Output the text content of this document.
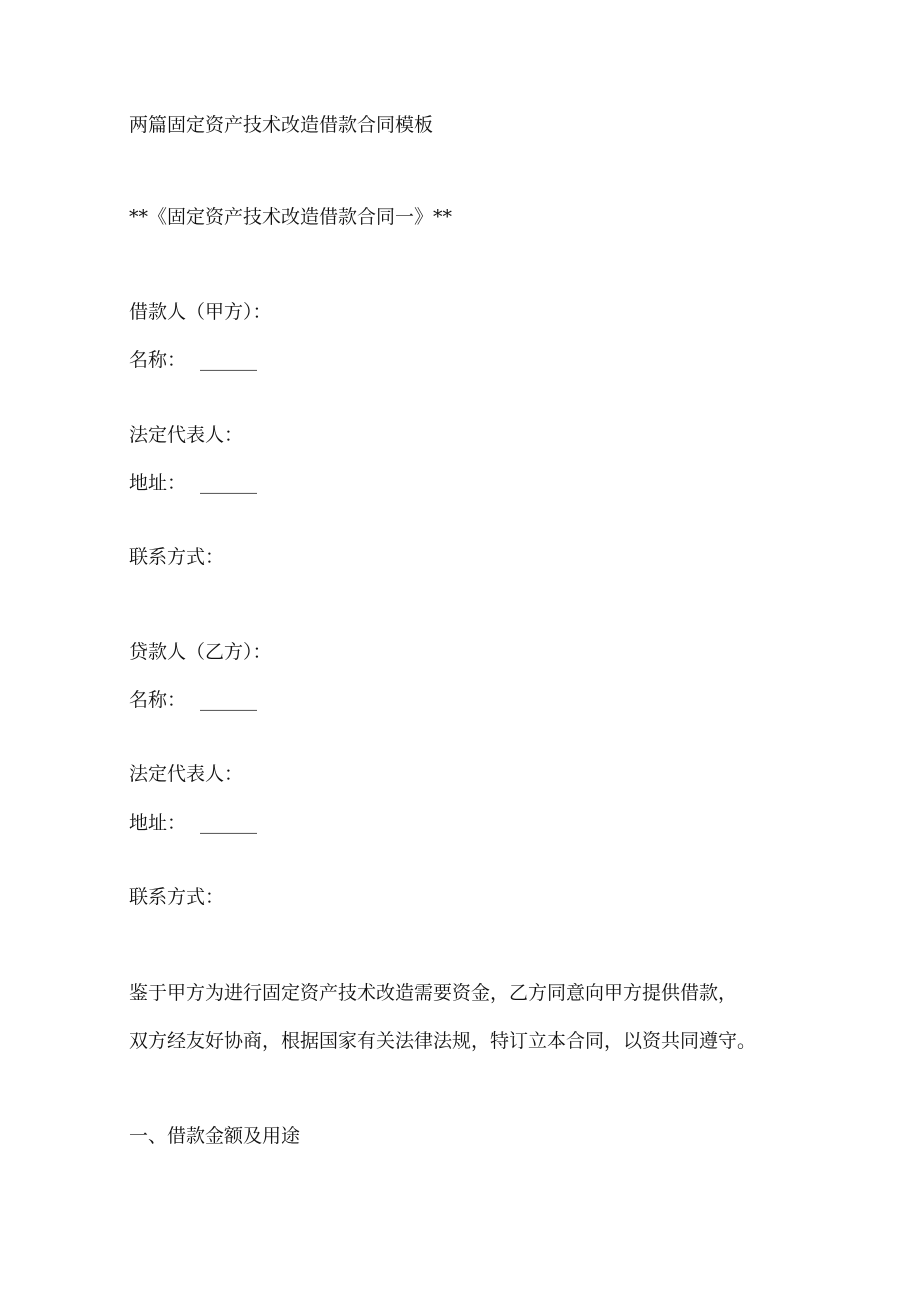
两篇固定资产技术改造借款合同模板

**《固定资产技术改造借款合同一》**

借款人（甲方）：

名称： ______

法定代表人：

地址： ______

联系方式：

贷款人（乙方）：

名称： ______

法定代表人：

地址： ______

联系方式：

鉴于甲方为进行固定资产技术改造需要资金，乙方同意向甲方提供借款，

双方经友好协商，根据国家有关法律法规，特订立本合同，以资共同遵守。

一、借款金额及用途
